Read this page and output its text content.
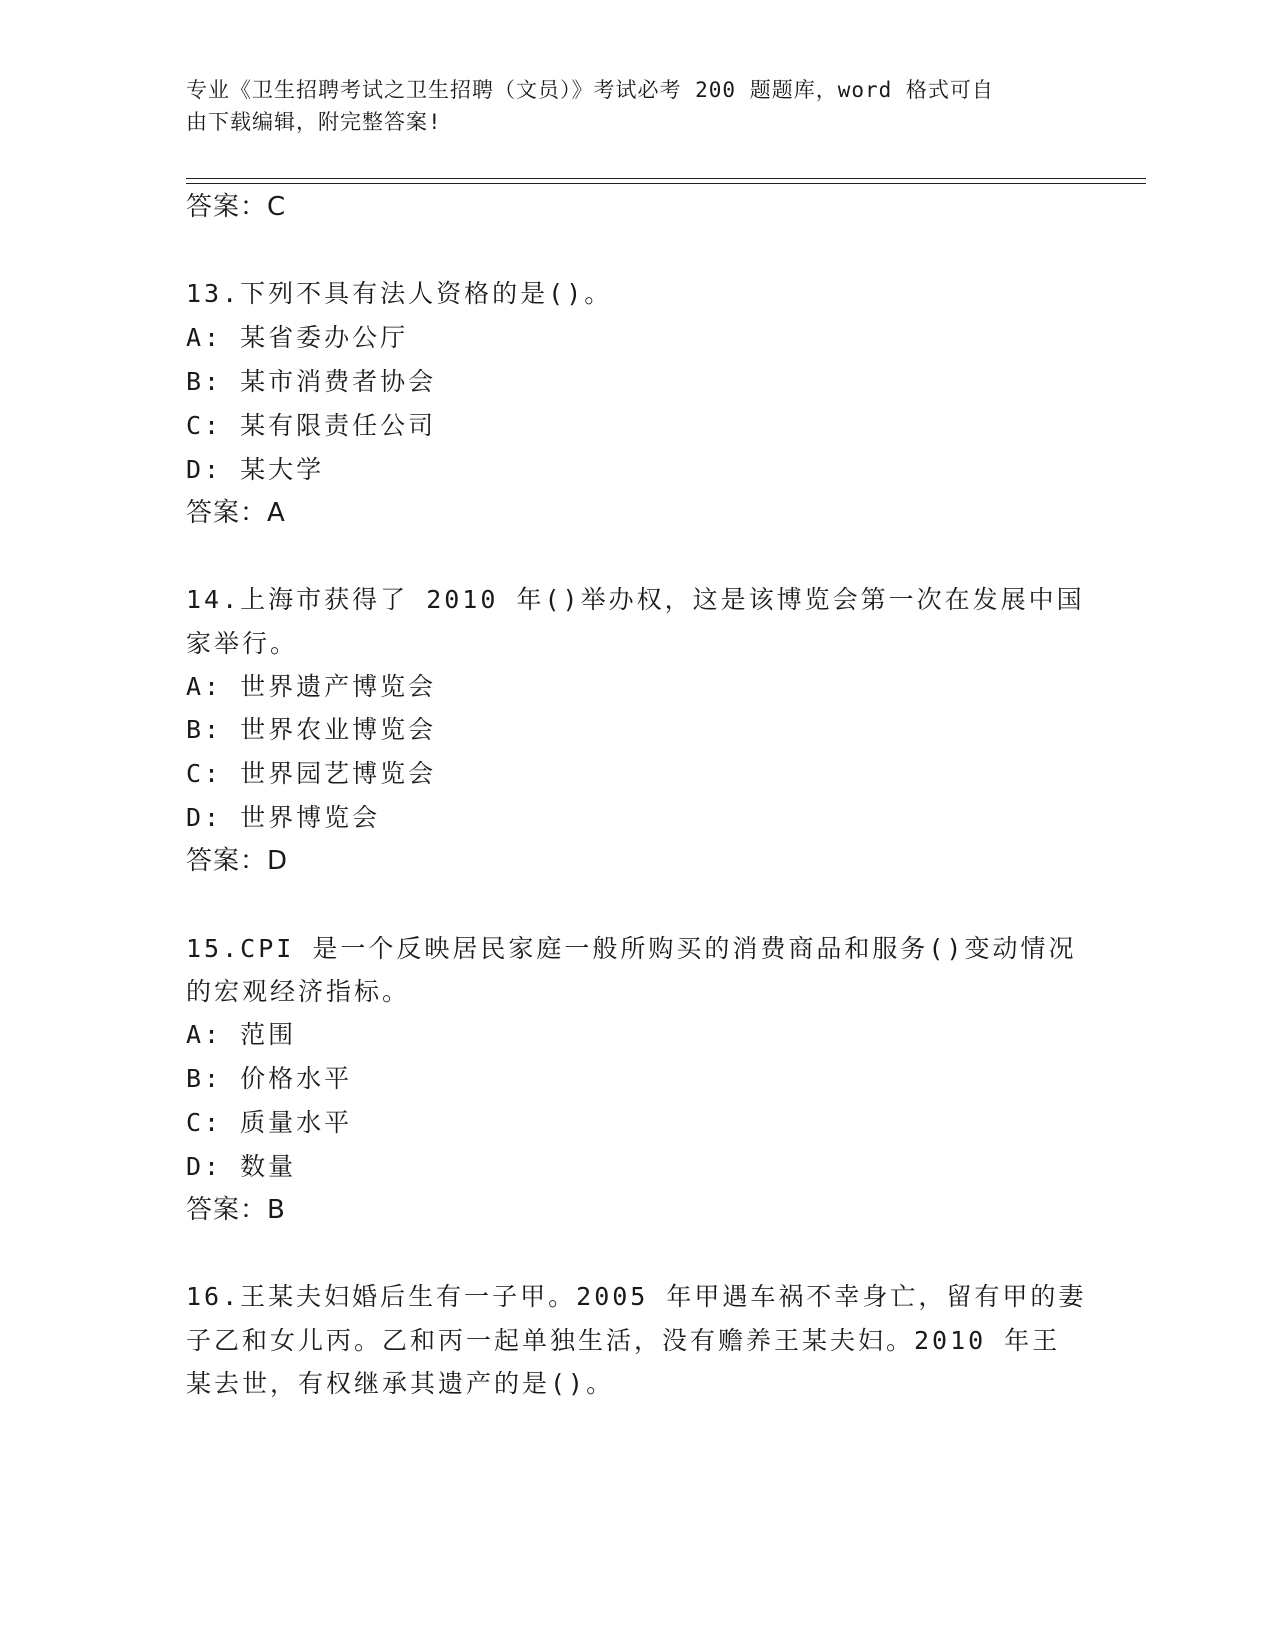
专业《卫生招聘考试之卫生招聘（文员）》考试必考 200 题题库，word 格式可自
由下载编辑，附完整答案!
答案：C
13.下列不具有法人资格的是()。
A: 某省委办公厅
B: 某市消费者协会
C: 某有限责任公司
D: 某大学
答案：A
14.上海市获得了 2010 年()举办权，这是该博览会第一次在发展中国
家举行。
A: 世界遗产博览会
B: 世界农业博览会
C: 世界园艺博览会
D: 世界博览会
答案：D
15.CPI 是一个反映居民家庭一般所购买的消费商品和服务()变动情况
的宏观经济指标。
A: 范围
B: 价格水平
C: 质量水平
D: 数量
答案：B
16.王某夫妇婚后生有一子甲。2005 年甲遇车祸不幸身亡，留有甲的妻
子乙和女儿丙。乙和丙一起单独生活，没有赡养王某夫妇。2010 年王
某去世，有权继承其遗产的是()。
